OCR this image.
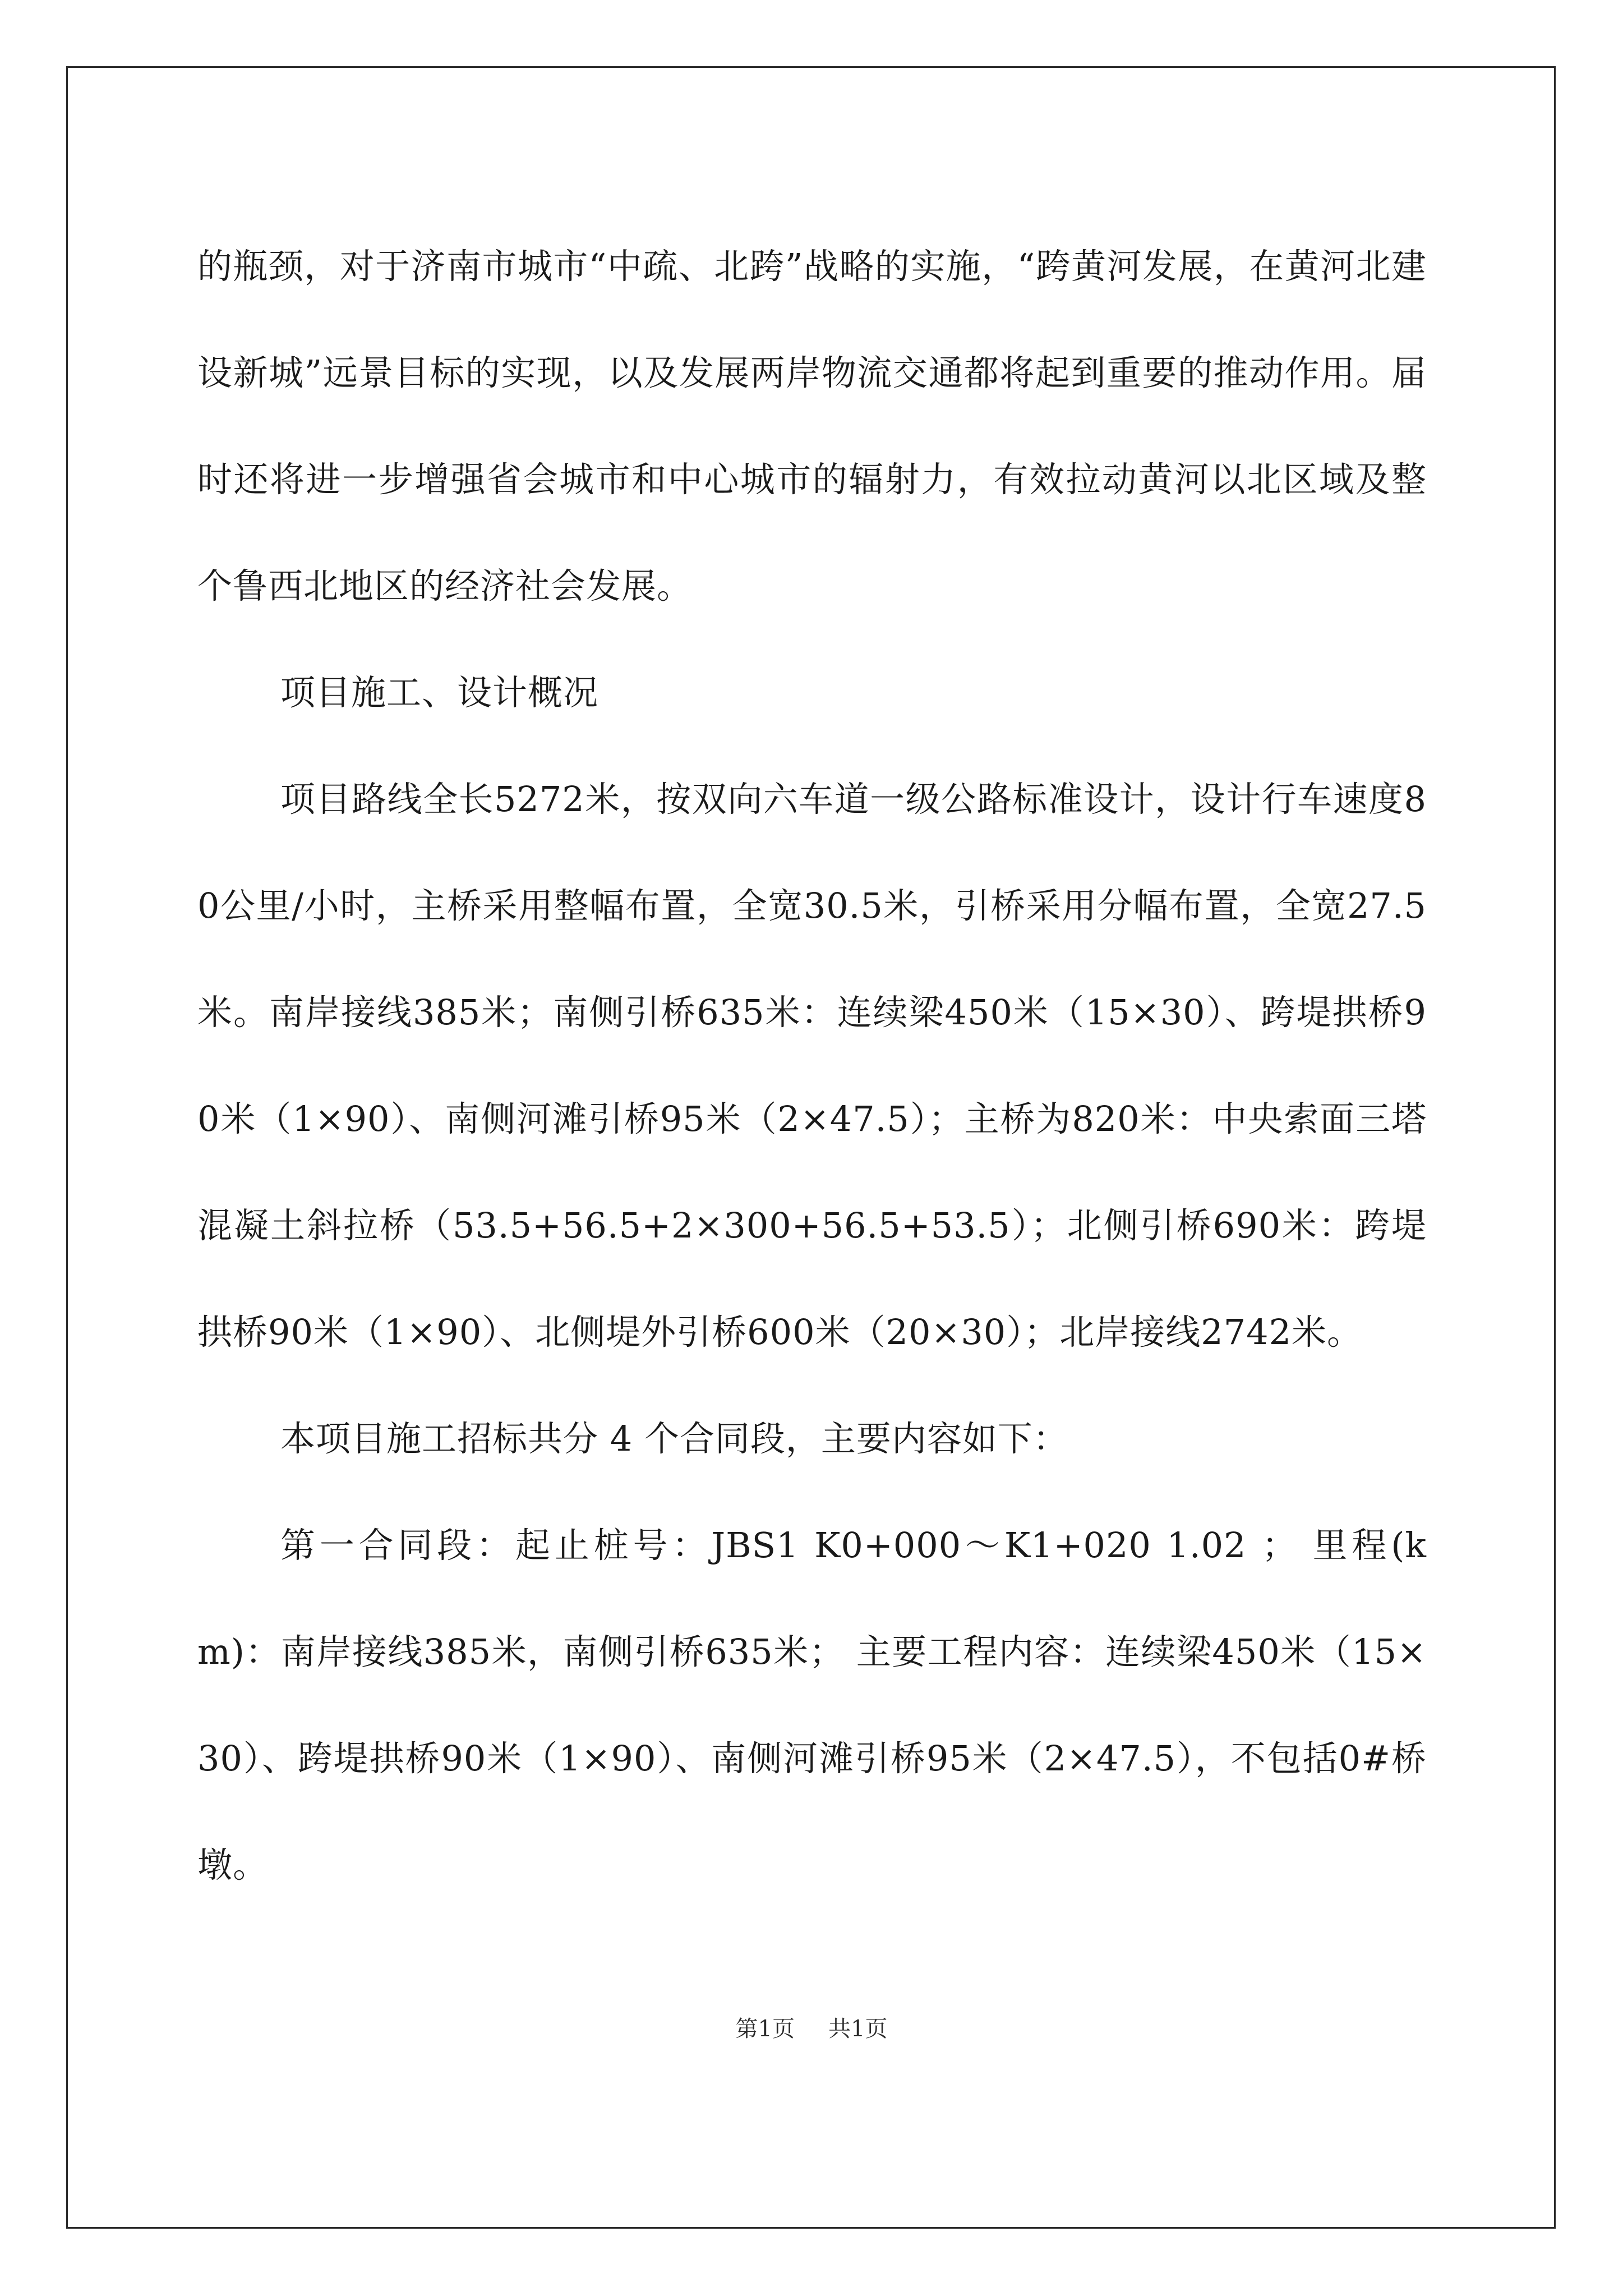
的瓶颈，对于济南市城市“中疏、北跨”战略的实施，“跨黄河发展，在黄河北建设新城”远景目标的实现，以及发展两岸物流交通都将起到重要的推动作用。届时还将进一步增强省会城市和中心城市的辐射力，有效拉动黄河以北区域及整个鲁西北地区的经济社会发展。

项目施工、设计概况

项目路线全长5272米，按双向六车道一级公路标准设计，设计行车速度80公里/小时，主桥采用整幅布置，全宽30.5米，引桥采用分幅布置，全宽27.5米。南岸接线385米；南侧引桥635米：连续梁450米（15×30）、跨堤拱桥90米（1×90）、南侧河滩引桥95米（2×47.5）；主桥为820米：中央索面三塔混凝土斜拉桥（53.5+56.5+2×300+56.5+53.5）；北侧引桥690米：跨堤拱桥90米（1×90）、北侧堤外引桥600米（20×30）；北岸接线2742米。

本项目施工招标共分 4 个合同段，主要内容如下：

第一合同段：起止桩号：JBS1 K0+000～K1+020 1.02 ； 里程(km)：南岸接线385米，南侧引桥635米； 主要工程内容：连续梁450米（15×30）、跨堤拱桥90米（1×90）、南侧河滩引桥95米（2×47.5），不包括0#桥墩。

第1页 共1页
